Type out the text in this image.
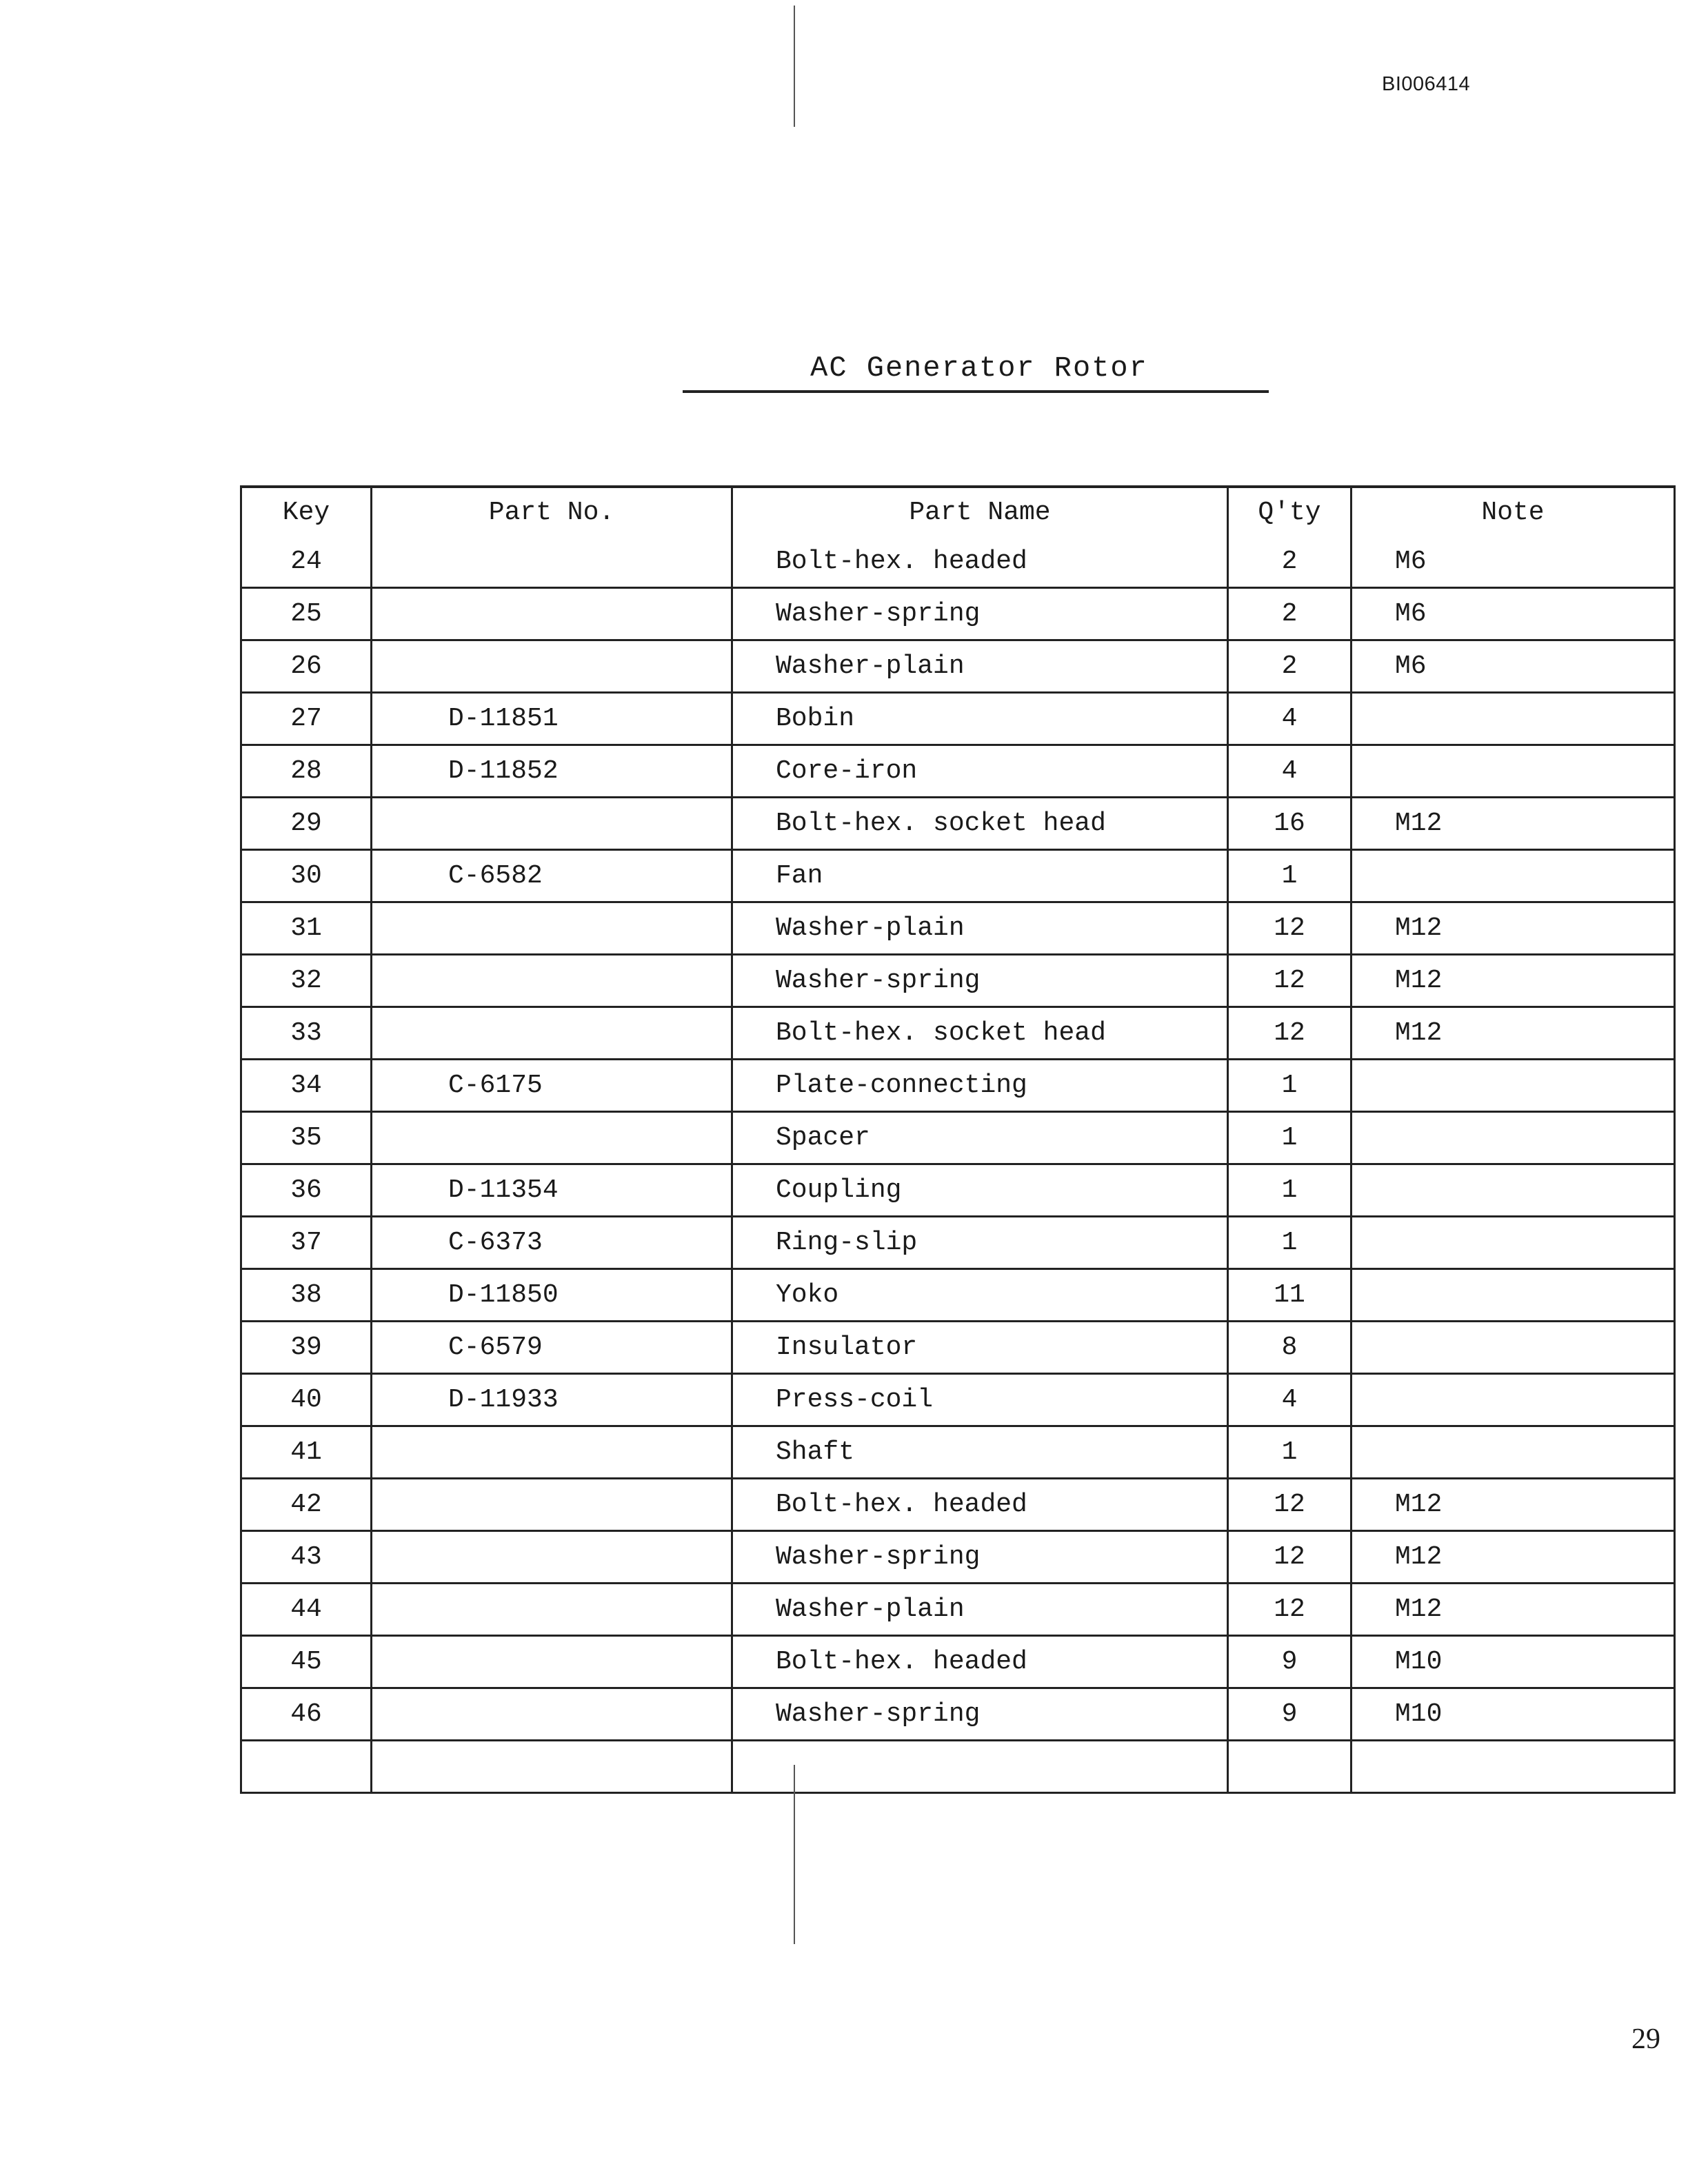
BI006414
AC Generator Rotor
Key	Part No.	Part Name	Q'ty	Note
24		Bolt-hex. headed	2	M6
25		Washer-spring	2	M6
26		Washer-plain	2	M6
27	D-11851	Bobin	4	
28	D-11852	Core-iron	4	
29		Bolt-hex. socket head	16	M12
30	C-6582	Fan	1	
31		Washer-plain	12	M12
32		Washer-spring	12	M12
33		Bolt-hex. socket head	12	M12
34	C-6175	Plate-connecting	1	
35		Spacer	1	
36	D-11354	Coupling	1	
37	C-6373	Ring-slip	1	
38	D-11850	Yoko	11	
39	C-6579	Insulator	8	
40	D-11933	Press-coil	4	
41		Shaft	1	
42		Bolt-hex. headed	12	M12
43		Washer-spring	12	M12
44		Washer-plain	12	M12
45		Bolt-hex. headed	9	M10
46		Washer-spring	9	M10

29
